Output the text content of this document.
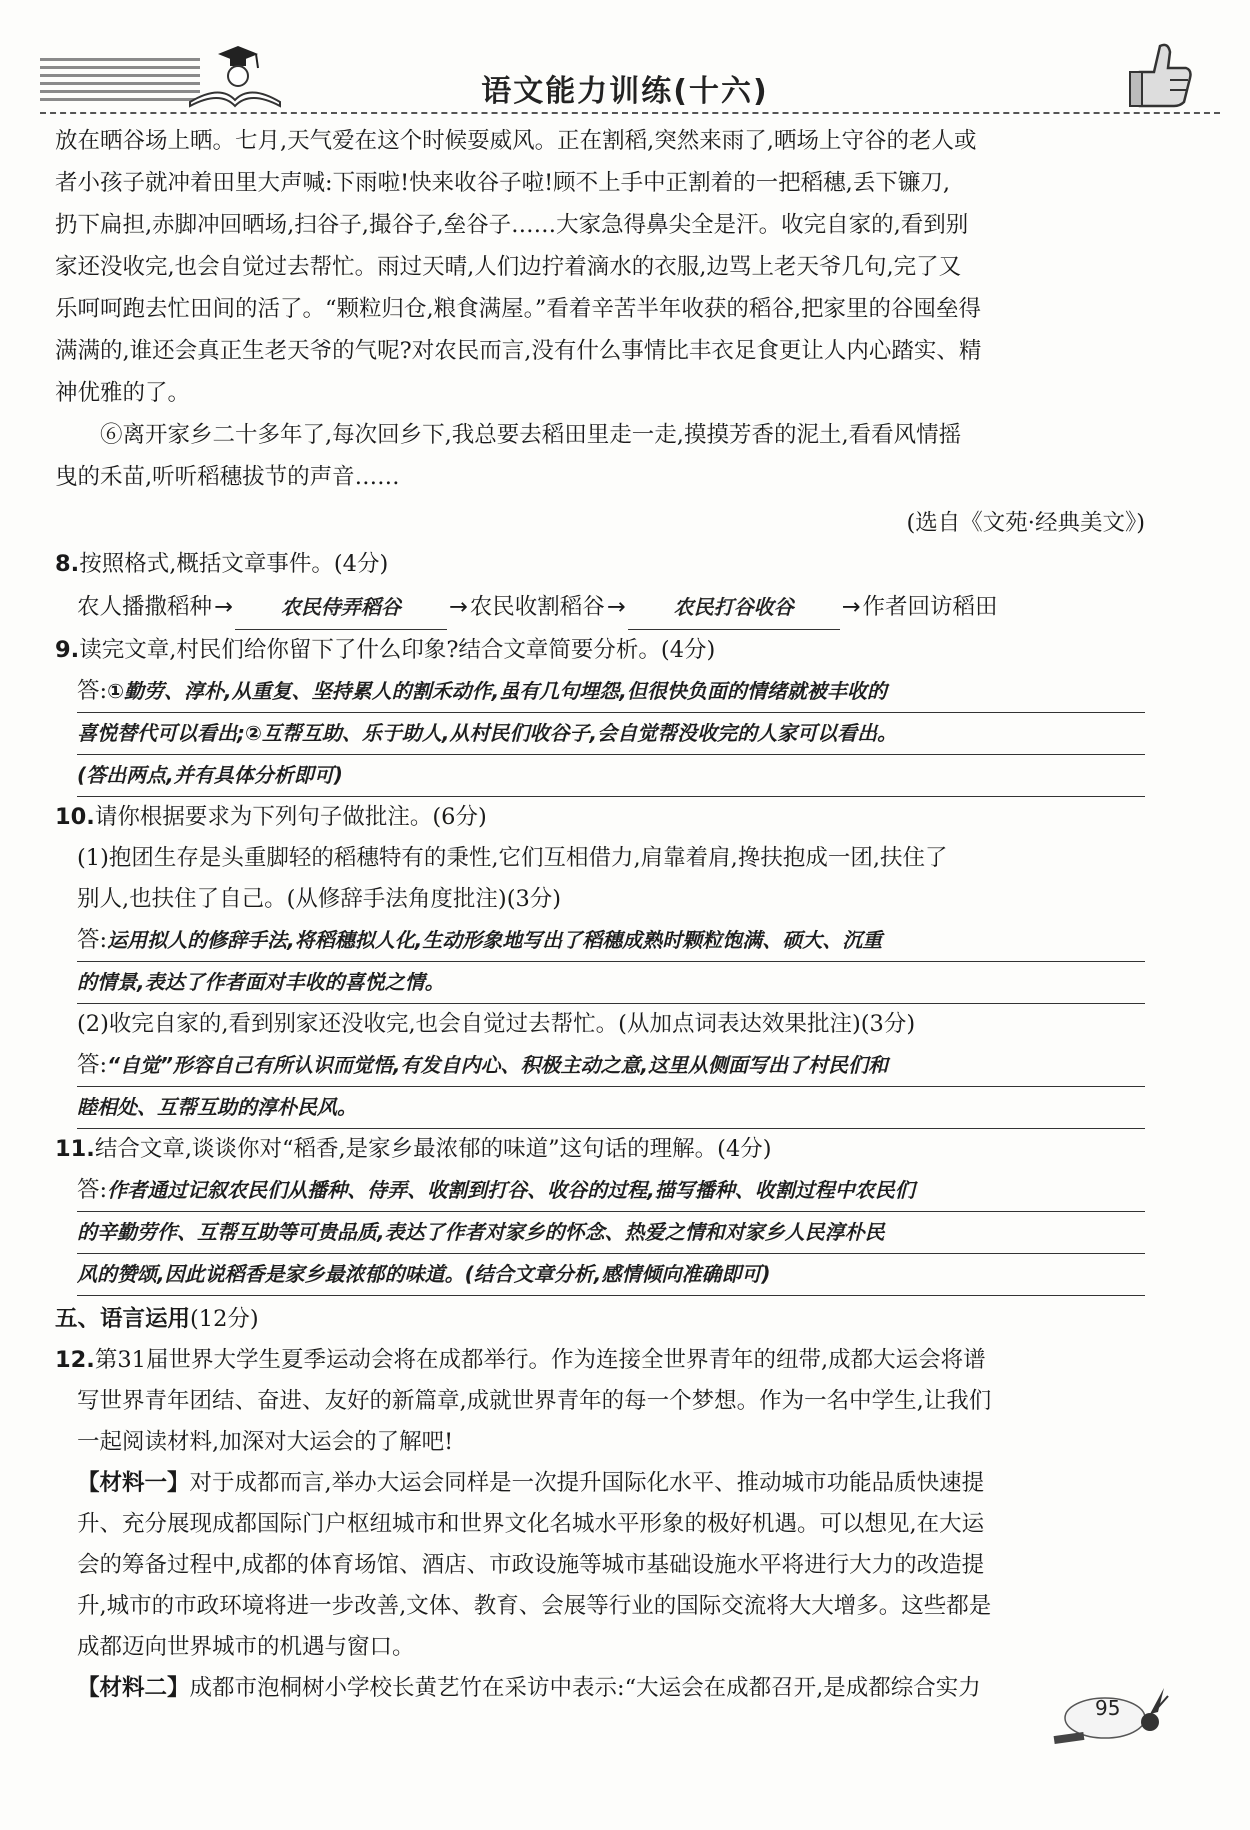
语文能力训练(十六)
放在晒谷场上晒。七月,天气爱在这个时候耍威风。正在割稻,突然来雨了,晒场上守谷的老人或
者小孩子就冲着田里大声喊:下雨啦!快来收谷子啦!顾不上手中正割着的一把稻穗,丢下镰刀,
扔下扁担,赤脚冲回晒场,扫谷子,撮谷子,垒谷子……大家急得鼻尖全是汗。收完自家的,看到别
家还没收完,也会自觉过去帮忙。雨过天晴,人们边拧着滴水的衣服,边骂上老天爷几句,完了又
乐呵呵跑去忙田间的活了。“颗粒归仓,粮食满屋。”看着辛苦半年收获的稻谷,把家里的谷囤垒得
满满的,谁还会真正生老天爷的气呢?对农民而言,没有什么事情比丰衣足食更让人内心踏实、精
神优雅的了。
⑥离开家乡二十多年了,每次回乡下,我总要去稻田里走一走,摸摸芳香的泥土,看看风情摇
曳的禾苗,听听稻穗拔节的声音……
(选自《文苑·经典美文》)
8.按照格式,概括文章事件。(4分)
农人播撒稻种 →	农民侍弄稻谷	→ 农民收割稻谷 →	农民打谷收谷	→ 作者回访稻田
9.读完文章,村民们给你留下了什么印象?结合文章简要分析。(4分)
答:①勤劳、淳朴,从重复、坚持累人的割禾动作,虽有几句埋怨,但很快负面的情绪就被丰收的
喜悦替代可以看出;②互帮互助、乐于助人,从村民们收谷子,会自觉帮没收完的人家可以看出。
(答出两点,并有具体分析即可)
10.请你根据要求为下列句子做批注。(6分)
(1)抱团生存是头重脚轻的稻穗特有的秉性,它们互相借力,肩靠着肩,搀扶抱成一团,扶住了
别人,也扶住了自己。(从修辞手法角度批注)(3分)
答:运用拟人的修辞手法,将稻穗拟人化,生动形象地写出了稻穗成熟时颗粒饱满、硕大、沉重
的情景,表达了作者面对丰收的喜悦之情。
(2)收完自家的,看到别家还没收完,也会自觉过去帮忙。(从加点词表达效果批注)(3分)
答:“自觉”形容自己有所认识而觉悟,有发自内心、积极主动之意,这里从侧面写出了村民们和
睦相处、互帮互助的淳朴民风。
11.结合文章,谈谈你对“稻香,是家乡最浓郁的味道”这句话的理解。(4分)
答:作者通过记叙农民们从播种、侍弄、收割到打谷、收谷的过程,描写播种、收割过程中农民们
的辛勤劳作、互帮互助等可贵品质,表达了作者对家乡的怀念、热爱之情和对家乡人民淳朴民
风的赞颂,因此说稻香是家乡最浓郁的味道。(结合文章分析,感情倾向准确即可)
五、语言运用(12分)
12.第31届世界大学生夏季运动会将在成都举行。作为连接全世界青年的纽带,成都大运会将谱
写世界青年团结、奋进、友好的新篇章,成就世界青年的每一个梦想。作为一名中学生,让我们
一起阅读材料,加深对大运会的了解吧!
【材料一】对于成都而言,举办大运会同样是一次提升国际化水平、推动城市功能品质快速提
升、充分展现成都国际门户枢纽城市和世界文化名城水平形象的极好机遇。可以想见,在大运
会的筹备过程中,成都的体育场馆、酒店、市政设施等城市基础设施水平将进行大力的改造提
升,城市的市政环境将进一步改善,文体、教育、会展等行业的国际交流将大大增多。这些都是
成都迈向世界城市的机遇与窗口。
【材料二】成都市泡桐树小学校长黄艺竹在采访中表示:“大运会在成都召开,是成都综合实力
95
